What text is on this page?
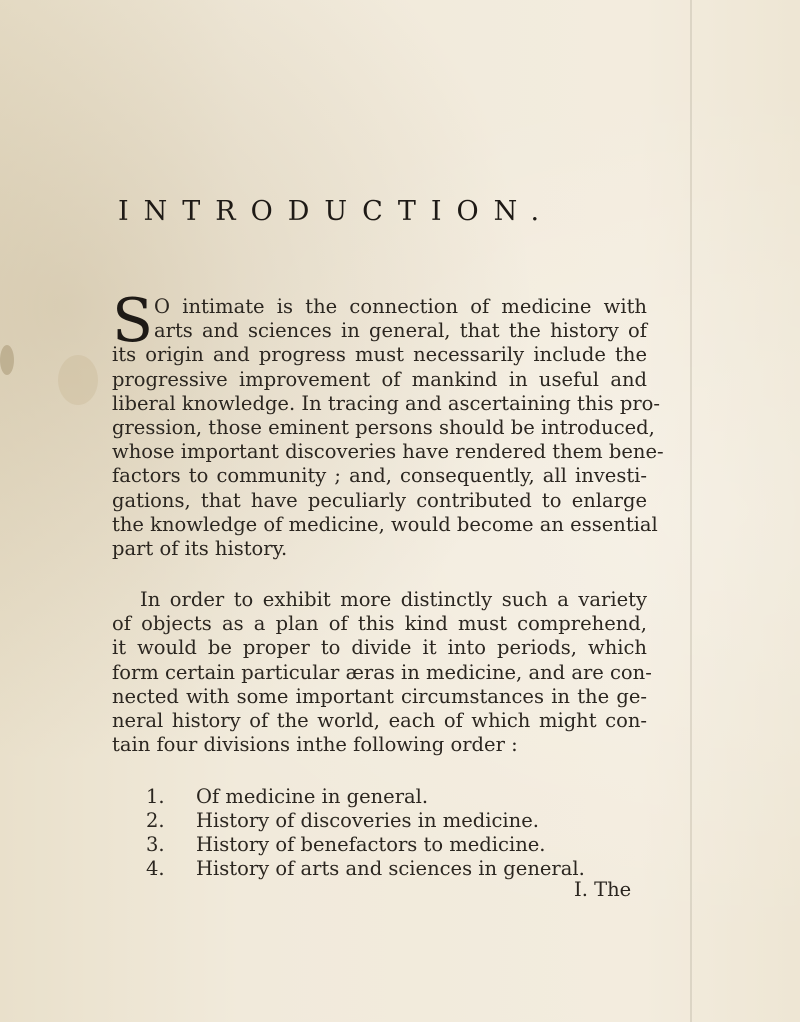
INTRODUCTION.
S O intimate is the connection of medicine with
arts and sciences in general, that the history of
its origin and progress must necessarily include the
progressive improvement of mankind in useful and
liberal knowledge. In tracing and ascertaining this pro-
gression, those eminent persons should be introduced,
whose important discoveries have rendered them bene-
factors to community ; and, consequently, all investi-
gations, that have peculiarly contributed to enlarge
the knowledge of medicine, would become an essential
part of its history.
In order to exhibit more distinctly such a variety
of objects as a plan of this kind must comprehend,
it would be proper to divide it into periods, which
form certain particular æras in medicine, and are con-
nected with some important circumstances in the ge-
neral history of the world, each of which might con-
tain four divisions inthe following order :
1.	Of medicine in general.
2.	History of discoveries in medicine.
3.	History of benefactors to medicine.
4.	History of arts and sciences in general.
I. The
